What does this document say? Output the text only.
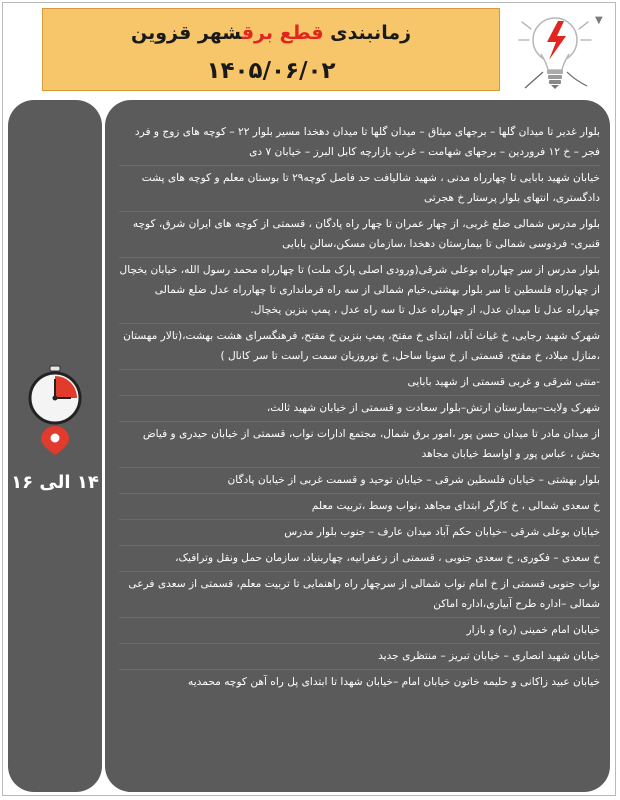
زمانبندی قطع برقشهر قزوین
۱۴۰۵/۰۶/۰۲
▼
۱۴ الی ۱۶
بلوار غدیر تا میدان گلها – برجهای میثاق – میدان گلها تا میدان دهخدا مسیر بلوار ۲۲ – کوچه های زوج و فرد فجر – خ ۱۲ فروردین – برجهای شهامت – غرب بازارچه کابل البرز – خیابان ۷ دی
خیابان شهید بابایی تا چهارراه مدنی ، شهید شالیافت حد فاصل کوچه۲۹ تا بوستان معلم و کوچه های پشت دادگستری، انتهای بلوار پرستار خ هجرتی
بلوار مدرس شمالی ضلع غربی، از چهار عمران تا چهار راه پادگان ، قسمتی از کوچه های ایران شرق، کوچه قنبری- فردوسی شمالی تا بیمارستان دهخدا ،سازمان مسکن،سالن بابایی
بلوار مدرس از سر چهارراه بوعلی شرقی(ورودی اصلی پارک ملت) تا چهارراه محمد رسول الله، خیابان یخچال از چهارراه فلسطین تا سر بلوار بهشتی،خیام شمالی از سه راه فرمانداری تا چهارراه عدل ضلع شمالی چهارراه عدل تا میدان عدل، از چهارراه عدل تا سه راه عدل ، پمپ بنزین یخچال.
شهرک شهید رجایی، خ غیاث آباد، ابتدای خ مفتح، پمپ بنزین خ مفتح، فرهنگسرای هشت بهشت،(تالار مهستان ،منازل میلاد، خ مفتح، قسمتی از خ سونا ساحل، خ نوروزیان سمت راست تا سر کانال )
-منتی شرقی و غربی قسمتی از شهید بابایی
شهرک ولایت–بیمارستان ارتش–بلوار سعادت و قسمتی از خیابان شهید ثالث،
از میدان مادر تا میدان حسن پور ،امور برق شمال، مجتمع ادارات نواب، قسمتی از خیابان حیدری و فیاض بخش ، عباس پور و اواسط خیابان مجاهد
بلوار بهشتی – خیابان فلسطین شرقی – خیابان توحید و قسمت غربی از خیابان پادگان
خ سعدی شمالی ، خ کارگر ابتدای مجاهد ،نواب وسط ،تربیت معلم
خیابان بوعلی شرقی –خیابان حکم آباد میدان عارف – جنوب بلوار مدرس
خ سعدی – فکوری، خ سعدی جنوبی ، قسمتی از زعفرانیه، چهاربنیاد، سازمان حمل ونقل وترافیک،
نواب جنوبی قسمتی از خ امام نواب شمالی از سرچهار راه راهنمایی تا تربیت معلم، قسمتی از سعدی فرعی شمالی –اداره طرح آبیاری،اداره اماکن
خیابان امام خمینی (ره) و بازار
خیابان شهید انصاری – خیابان تبریز – منتظری جدید
خیابان عبید زاکانی و حلیمه خاتون خیابان امام –خیابان شهدا تا ابتدای پل راه آهن کوچه محمدیه
